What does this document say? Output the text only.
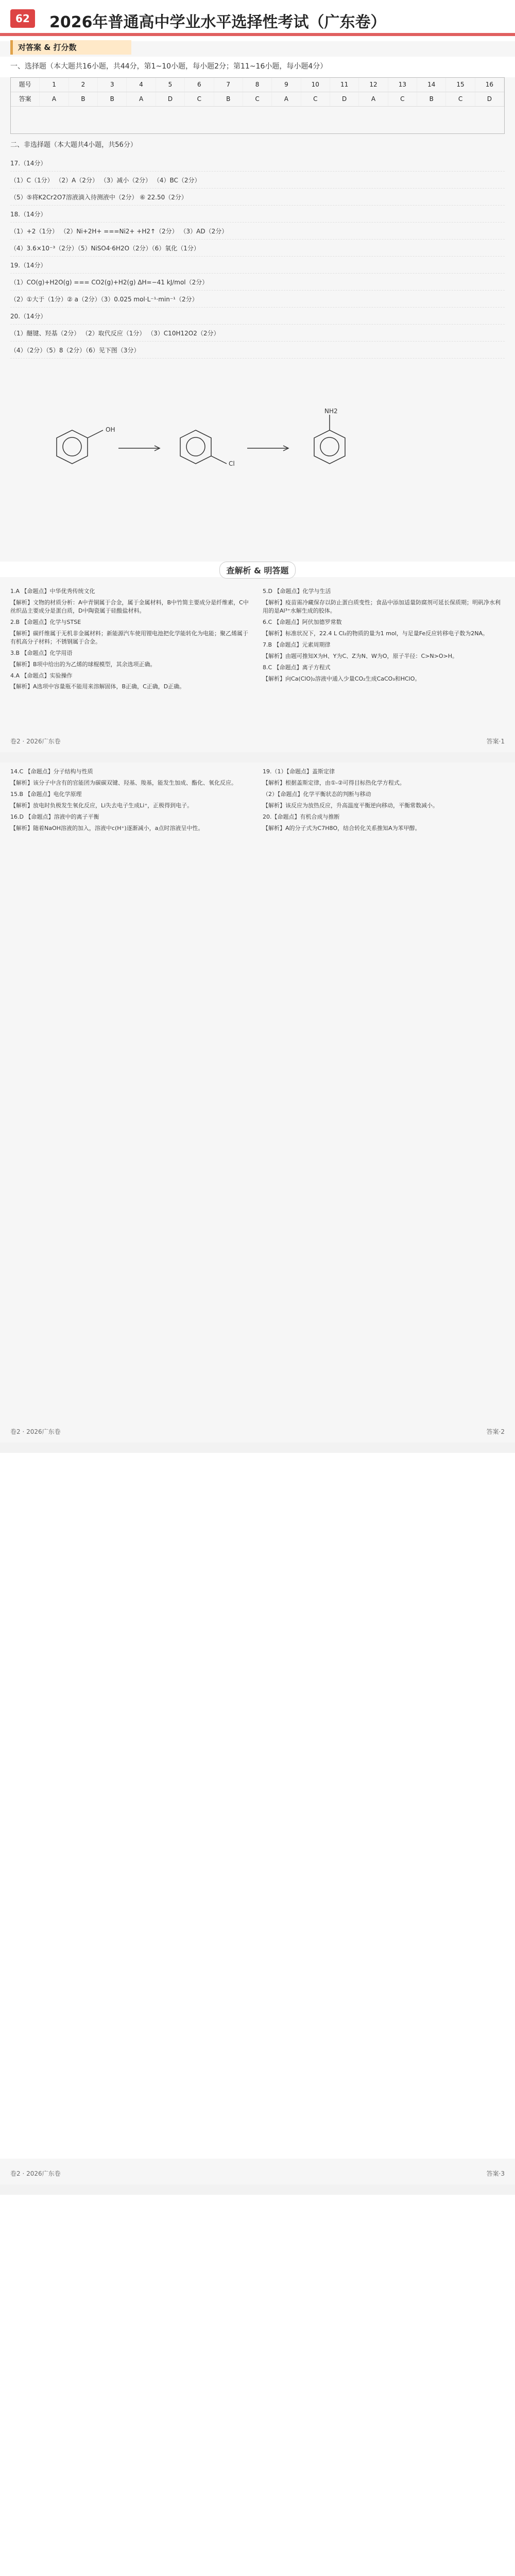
62	2026年普通高中学业水平选择性考试（广东卷）
对答案 & 打分数
一、选择题（本大题共16小题，共44分，第1~10小题，每小题2分；第11~16小题，每小题4分）
题号	1	2	3	4	5	6	7	8	9	10	11	12	13	14	15	16
答案	A	B	B	A	D	C	B	C	A	C	D	A	C	B	C	D
二、非选择题（本大题共4小题，共56分）
17.（14分）
（1）C（1分） （2）A（2分） （3）减小（2分） （4）BC（2分）
（5）⑤将K2Cr2O7溶液滴入待测液中（2分） ⑥ 22.50（2分）
18.（14分）
（1）+2（1分） （2）Ni+2H+ ===Ni2+ +H2↑（2分） （3）AD（2分）
（4）3.6×10⁻³（2分）（5）NiSO4·6H2O（2分）（6）氧化（1分）
19.（14分）
（1）CO(g)+H2O(g) === CO2(g)+H2(g) ΔH=−41 kJ/mol（2分）
（2）①大于（1分）② a（2分）（3）0.025 mol·L⁻¹·min⁻¹（2分）
20.（14分）
（1）醚键、羟基（2分） （2）取代反应（1分） （3）C10H12O2（2分）
（4）（2分）（5）8（2分）（6）见下图（3分）
OH
Cl
NH2
查解析 & 明答题
1.A 【命题点】中华优秀传统文化
【解析】文物的材质分析：A中青铜属于合金，属于金属材料，B中竹简主要成分是纤维素，C中丝织品主要成分是蛋白质，D中陶瓷属于硅酸盐材料。
2.B 【命题点】化学与STSE
【解析】碳纤维属于无机非金属材料；新能源汽车使用锂电池把化学能转化为电能；聚乙烯属于有机高分子材料；不锈钢属于合金。
3.B 【命题点】化学用语
【解析】B项中给出的为乙烯的球棍模型，其余选项正确。
4.A 【命题点】实验操作
【解析】A选项中容量瓶不能用来溶解固体，B正确，C正确，D正确。
5.D 【命题点】化学与生活
【解析】疫苗需冷藏保存以防止蛋白质变性；食品中添加适量防腐剂可延长保质期；明矾净水利用的是Al³⁺水解生成的胶体。
6.C 【命题点】阿伏加德罗常数
【解析】标准状况下，22.4 L Cl₂的物质的量为1 mol，与足量Fe反应转移电子数为2NA。
7.B 【命题点】元素周期律
【解析】由题可推知X为H、Y为C、Z为N、W为O，原子半径：C>N>O>H。
8.C 【命题点】离子方程式
【解析】向Ca(ClO)₂溶液中通入少量CO₂生成CaCO₃和HClO。
卷2 · 2026广东卷	答案·1
14.C 【命题点】分子结构与性质
【解析】该分子中含有的官能团为碳碳双键、羟基、羧基，能发生加成、酯化、氧化反应。
15.B 【命题点】电化学原理
【解析】放电时负极发生氧化反应，Li失去电子生成Li⁺，正极得到电子。
16.D 【命题点】溶液中的离子平衡
【解析】随着NaOH溶液的加入，溶液中c(H⁺)逐渐减小，a点时溶液呈中性。
19.（1）【命题点】盖斯定律
【解析】根据盖斯定律，由①-②可得目标热化学方程式。
（2）【命题点】化学平衡状态的判断与移动
【解析】该反应为放热反应，升高温度平衡逆向移动，平衡常数减小。
20.【命题点】有机合成与推断
【解析】A的分子式为C7H8O，结合转化关系推知A为苯甲醇。
卷2 · 2026广东卷	答案·2
卷2 · 2026广东卷	答案·3
